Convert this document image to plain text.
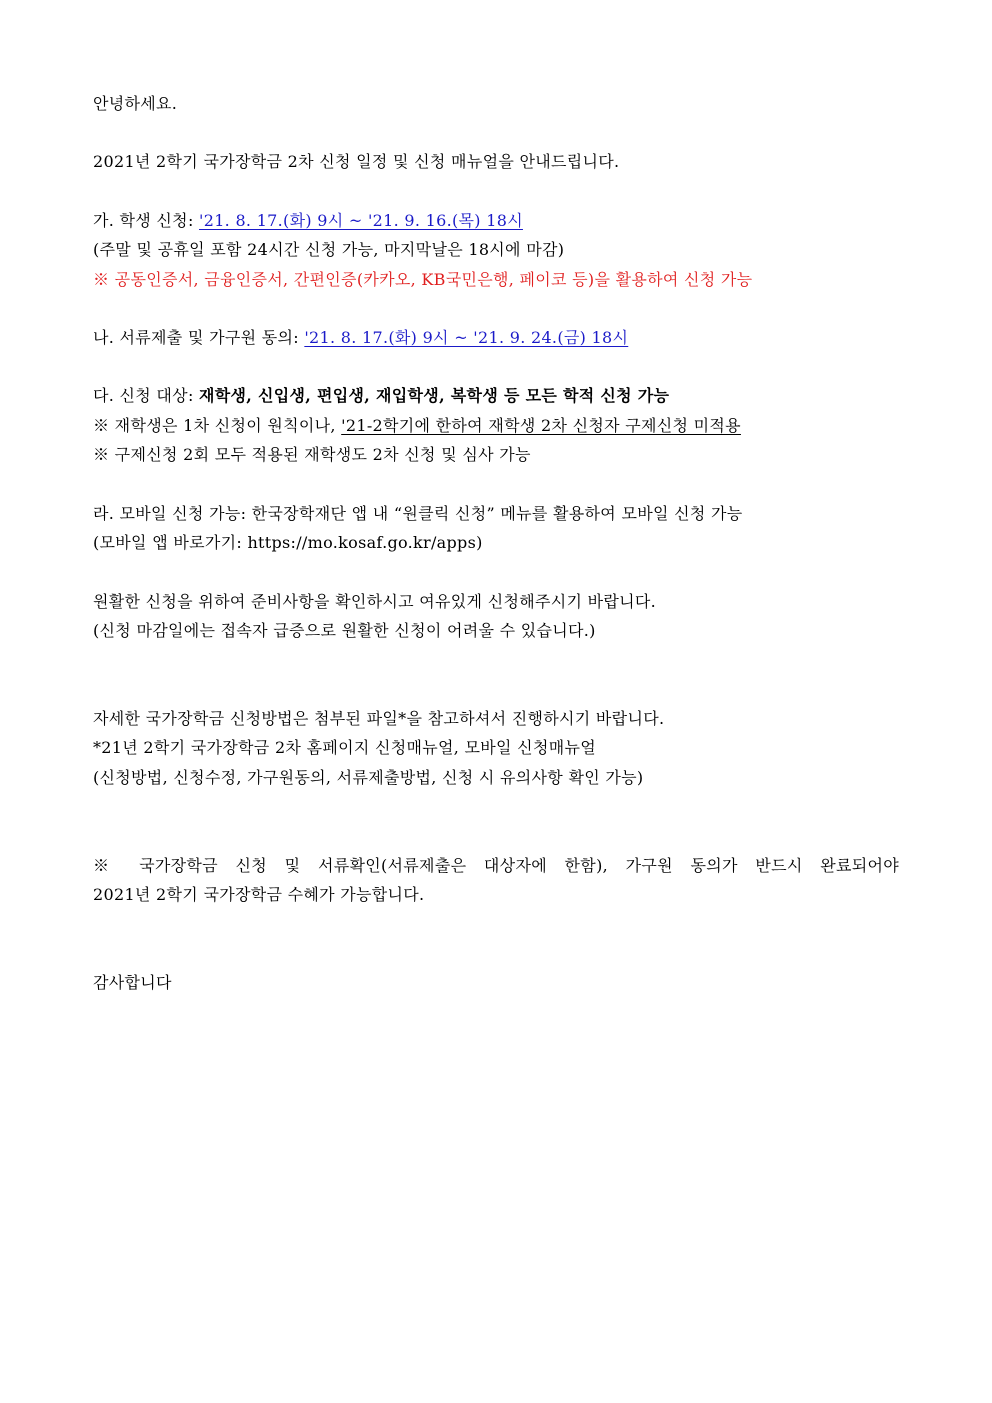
안녕하세요.
2021년 2학기 국가장학금 2차 신청 일정 및 신청 매뉴얼을 안내드립니다.
가. 학생 신청: '21. 8. 17.(화) 9시 ~ '21. 9. 16.(목) 18시
(주말 및 공휴일 포함 24시간 신청 가능, 마지막날은 18시에 마감)
※ 공동인증서, 금융인증서, 간편인증(카카오, KB국민은행, 페이코 등)을 활용하여 신청 가능
나. 서류제출 및 가구원 동의: '21. 8. 17.(화) 9시 ~ '21. 9. 24.(금) 18시
다. 신청 대상: 재학생, 신입생, 편입생, 재입학생, 복학생 등 모든 학적 신청 가능
※ 재학생은 1차 신청이 원칙이나, '21-2학기에 한하여 재학생 2차 신청자 구제신청 미적용
※ 구제신청 2회 모두 적용된 재학생도 2차 신청 및 심사 가능
라. 모바일 신청 가능: 한국장학재단 앱 내 “원클릭 신청” 메뉴를 활용하여 모바일 신청 가능
(모바일 앱 바로가기: https://mo.kosaf.go.kr/apps)
원활한 신청을 위하여 준비사항을 확인하시고 여유있게 신청해주시기 바랍니다.
(신청 마감일에는 접속자 급증으로 원활한 신청이 어려울 수 있습니다.)
자세한 국가장학금 신청방법은 첨부된 파일*을 참고하셔서 진행하시기 바랍니다.
*21년 2학기 국가장학금 2차 홈페이지 신청매뉴얼, 모바일 신청매뉴얼
(신청방법, 신청수정, 가구원동의, 서류제출방법, 신청 시 유의사항 확인 가능)
※ 국가장학금 신청 및 서류확인(서류제출은 대상자에 한함), 가구원 동의가 반드시 완료되어야
2021년 2학기 국가장학금 수혜가 가능합니다.
감사합니다
